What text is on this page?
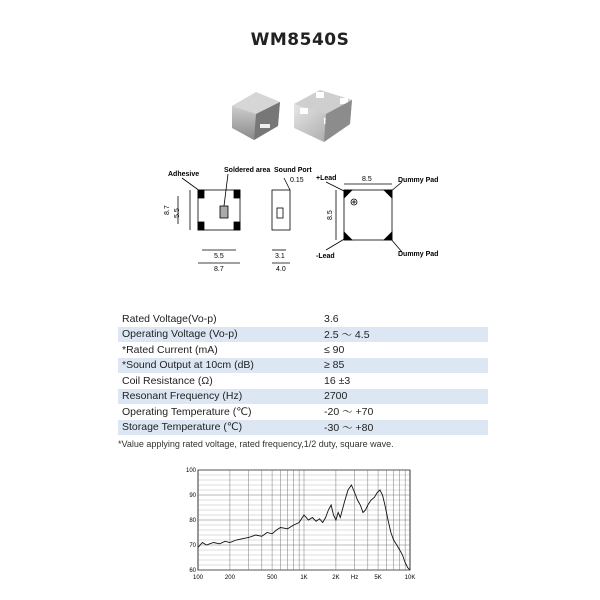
WM8540S
Adhesive
Soldered area
8.7 5.5
5.5
8.7
Sound Port
0.15
3.1
4.0
+Lead
-Lead
Dummy Pad
Dummy Pad
8.5
8.5
Rated Voltage(Vo-p)	3.6
Operating Voltage (Vo-p)	2.5 ～ 4.5
*Rated Current (mA)	≤ 90
*Sound Output at 10cm (dB)	≥ 85
Coil Resistance (Ω)	16 ±3
Resonant Frequency (Hz)	2700
Operating Temperature (℃)	-20 ～ +70
Storage Temperature (℃)	-30 ～ +80
*Value applying rated voltage, rated frequency,1/2 duty, square wave.
100
90
80
70
60
100	200	500	1K	2K Hz	5K	10K
